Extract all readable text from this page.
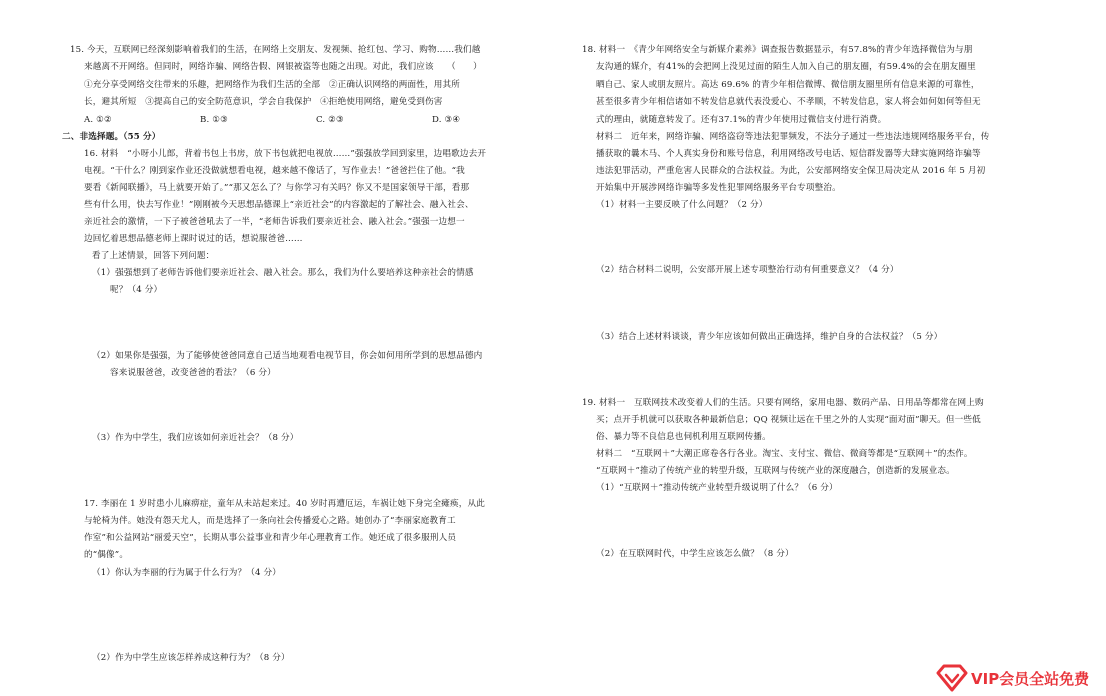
15. 今天，互联网已经深刻影响着我们的生活，在网络上交朋友、发视频、抢红包、学习、购物……我们越
来越离不开网络。但同时，网络诈骗、网络告假、网银被盗等也随之出现。对此，我们应该　　（　　）
①充分享受网络交往带来的乐趣，把网络作为我们生活的全部　②正确认识网络的两面性，用其所
长，避其所短　③提高自己的安全防范意识，学会自我保护　④拒绝使用网络，避免受到伤害
A. ①②	B. ①③	C. ②③	D. ③④
二、非选择题。（55 分）
16. 材料　“小呀小儿郎，背着书包上书房，放下书包就把电视放……”强强放学回到家里，边唱歌边去开
电视。“干什么？刚到家作业还没做就想看电视，越来越不像话了，写作业去！”爸爸拦住了他。“我
要看《新闻联播》，马上就要开始了。”“那又怎么了？与你学习有关吗？你又不是国家领导干部，看那
些有什么用，快去写作业！”刚刚被今天思想品德课上“亲近社会”的内容激起的了解社会、融入社会、
亲近社会的激情，一下子被爸爸吼去了一半，“老师告诉我们要亲近社会、融入社会。”强强一边想一
边回忆着思想品德老师上课时说过的话，想说服爸爸……
看了上述情景，回答下列问题：
（1）强强想到了老师告诉他们要亲近社会、融入社会。那么，我们为什么要培养这种亲社会的情感
呢？（4 分）
（2）如果你是强强，为了能够使爸爸同意自己适当地观看电视节目，你会如何用所学到的思想品德内
容来说服爸爸，改变爸爸的看法？（6 分）
（3）作为中学生，我们应该如何亲近社会？（8 分）
17. 李丽在 1 岁时患小儿麻痹症，童年从未站起来过。40 岁时再遭厄运，车祸让她下身完全瘫痪，从此
与轮椅为伴。她没有怨天尤人，而是选择了一条向社会传播爱心之路。她创办了“李丽家庭教育工
作室”和公益网站“丽爱天空”，长期从事公益事业和青少年心理教育工作。她还成了很多服刑人员
的“偶像”。
（1）你认为李丽的行为属于什么行为？（4 分）
（2）作为中学生应该怎样养成这种行为？（8 分）
18. 材料一　《青少年网络安全与新媒介素养》调查报告数据显示，有57.8%的青少年选择微信为与朋
友沟通的媒介，有41%的会把网上没见过面的陌生人加入自己的朋友圈，有59.4%的会在朋友圈里
晒自己、家人或朋友照片。高达 69.6% 的青少年相信微博、微信朋友圈里所有信息来源的可靠性，
甚至很多青少年相信诸如不转发信息就代表没爱心、不孝顺，不转发信息，家人将会如何如何等但无
式的理由，就随意转发了。还有37.1%的青少年使用过微信支付进行消费。
材料二　近年来，网络诈骗、网络盗窃等违法犯罪频发，不法分子通过一些违法违规网络服务平台，传
播获取的曩木马、个人真实身份和账号信息，利用网络改号电话、短信群发器等大肆实施网络诈骗等
违法犯罪活动，严重危害人民群众的合法权益。为此，公安部网络安全保卫局决定从 2016 年 5 月初
开始集中开展涉网络诈骗等多发性犯罪网络服务平台专项整治。
（1）材料一主要反映了什么问题？（2 分）
（2）结合材料二说明，公安部开展上述专项整治行动有何重要意义？（4 分）
（3）结合上述材料谈谈，青少年应该如何做出正确选择，维护自身的合法权益？（5 分）
19. 材料一　互联网技术改变着人们的生活。只要有网络，家用电器、数码产品、日用品等都常在网上购
买；点开手机就可以获取各种最新信息；QQ 视频让远在千里之外的人实现“面对面”聊天。但一些低
俗、暴力等不良信息也伺机利用互联网传播。
材料二　“互联网＋”大潮正席卷各行各业。淘宝、支付宝、微信、微商等都是“互联网＋”的杰作。
“互联网＋”推动了传统产业的转型升级，互联网与传统产业的深度融合，创造新的发展业态。
（1）“互联网＋”推动传统产业转型升级说明了什么？（6 分）
（2）在互联网时代，中学生应该怎么做？（8 分）
VIP会员全站免费
